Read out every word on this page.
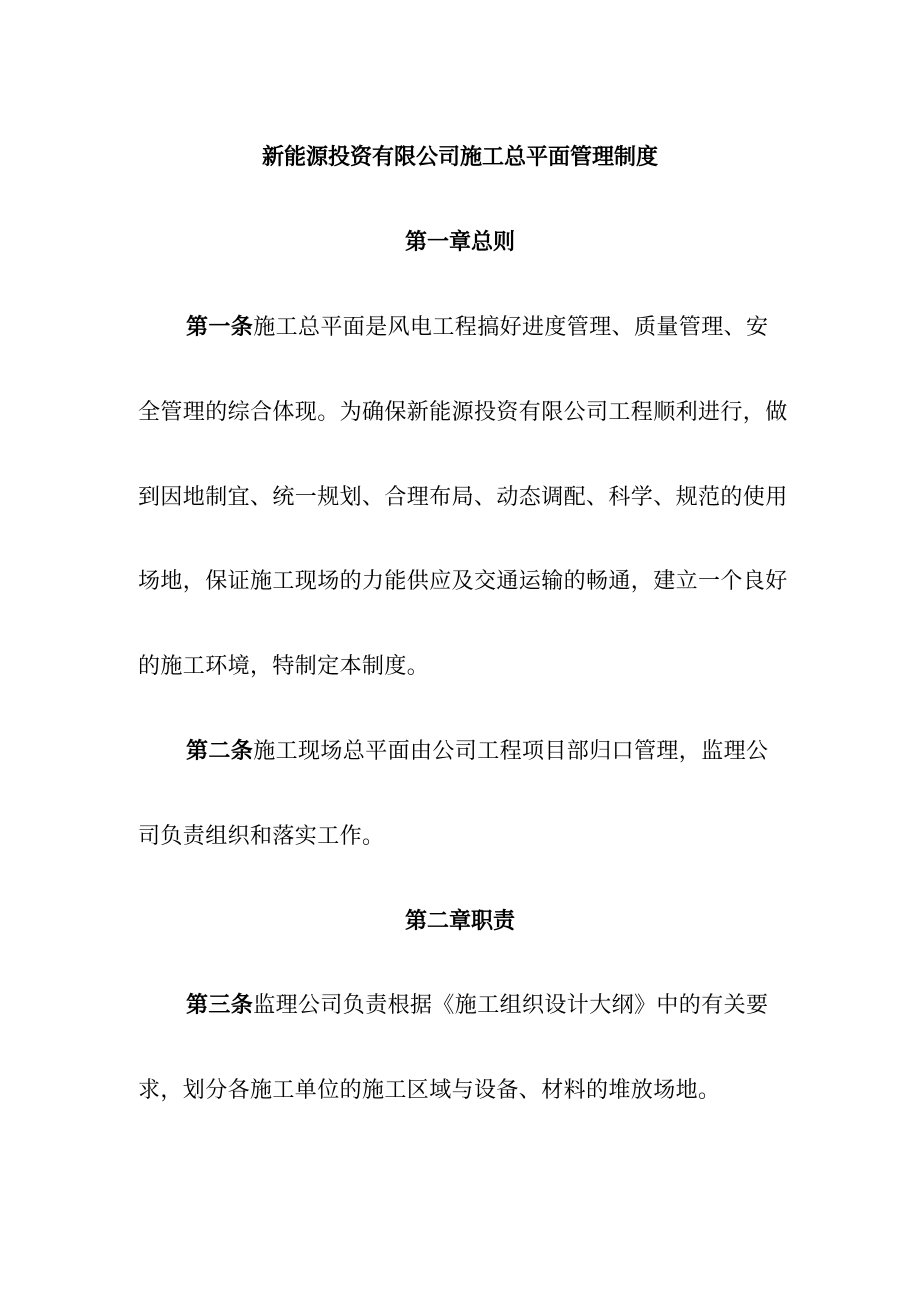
新能源投资有限公司施工总平面管理制度
第一章总则

第一条施工总平面是风电工程搞好进度管理、质量管理、安全管理的综合体现。为确保新能源投资有限公司工程顺利进行，做到因地制宜、统一规划、合理布局、动态调配、科学、规范的使用场地，保证施工现场的力能供应及交通运输的畅通，建立一个良好的施工环境，特制定本制度。

第二条施工现场总平面由公司工程项目部归口管理，监理公司负责组织和落实工作。

第二章职责

第三条监理公司负责根据《施工组织设计大纲》中的有关要求，划分各施工单位的施工区域与设备、材料的堆放场地。
